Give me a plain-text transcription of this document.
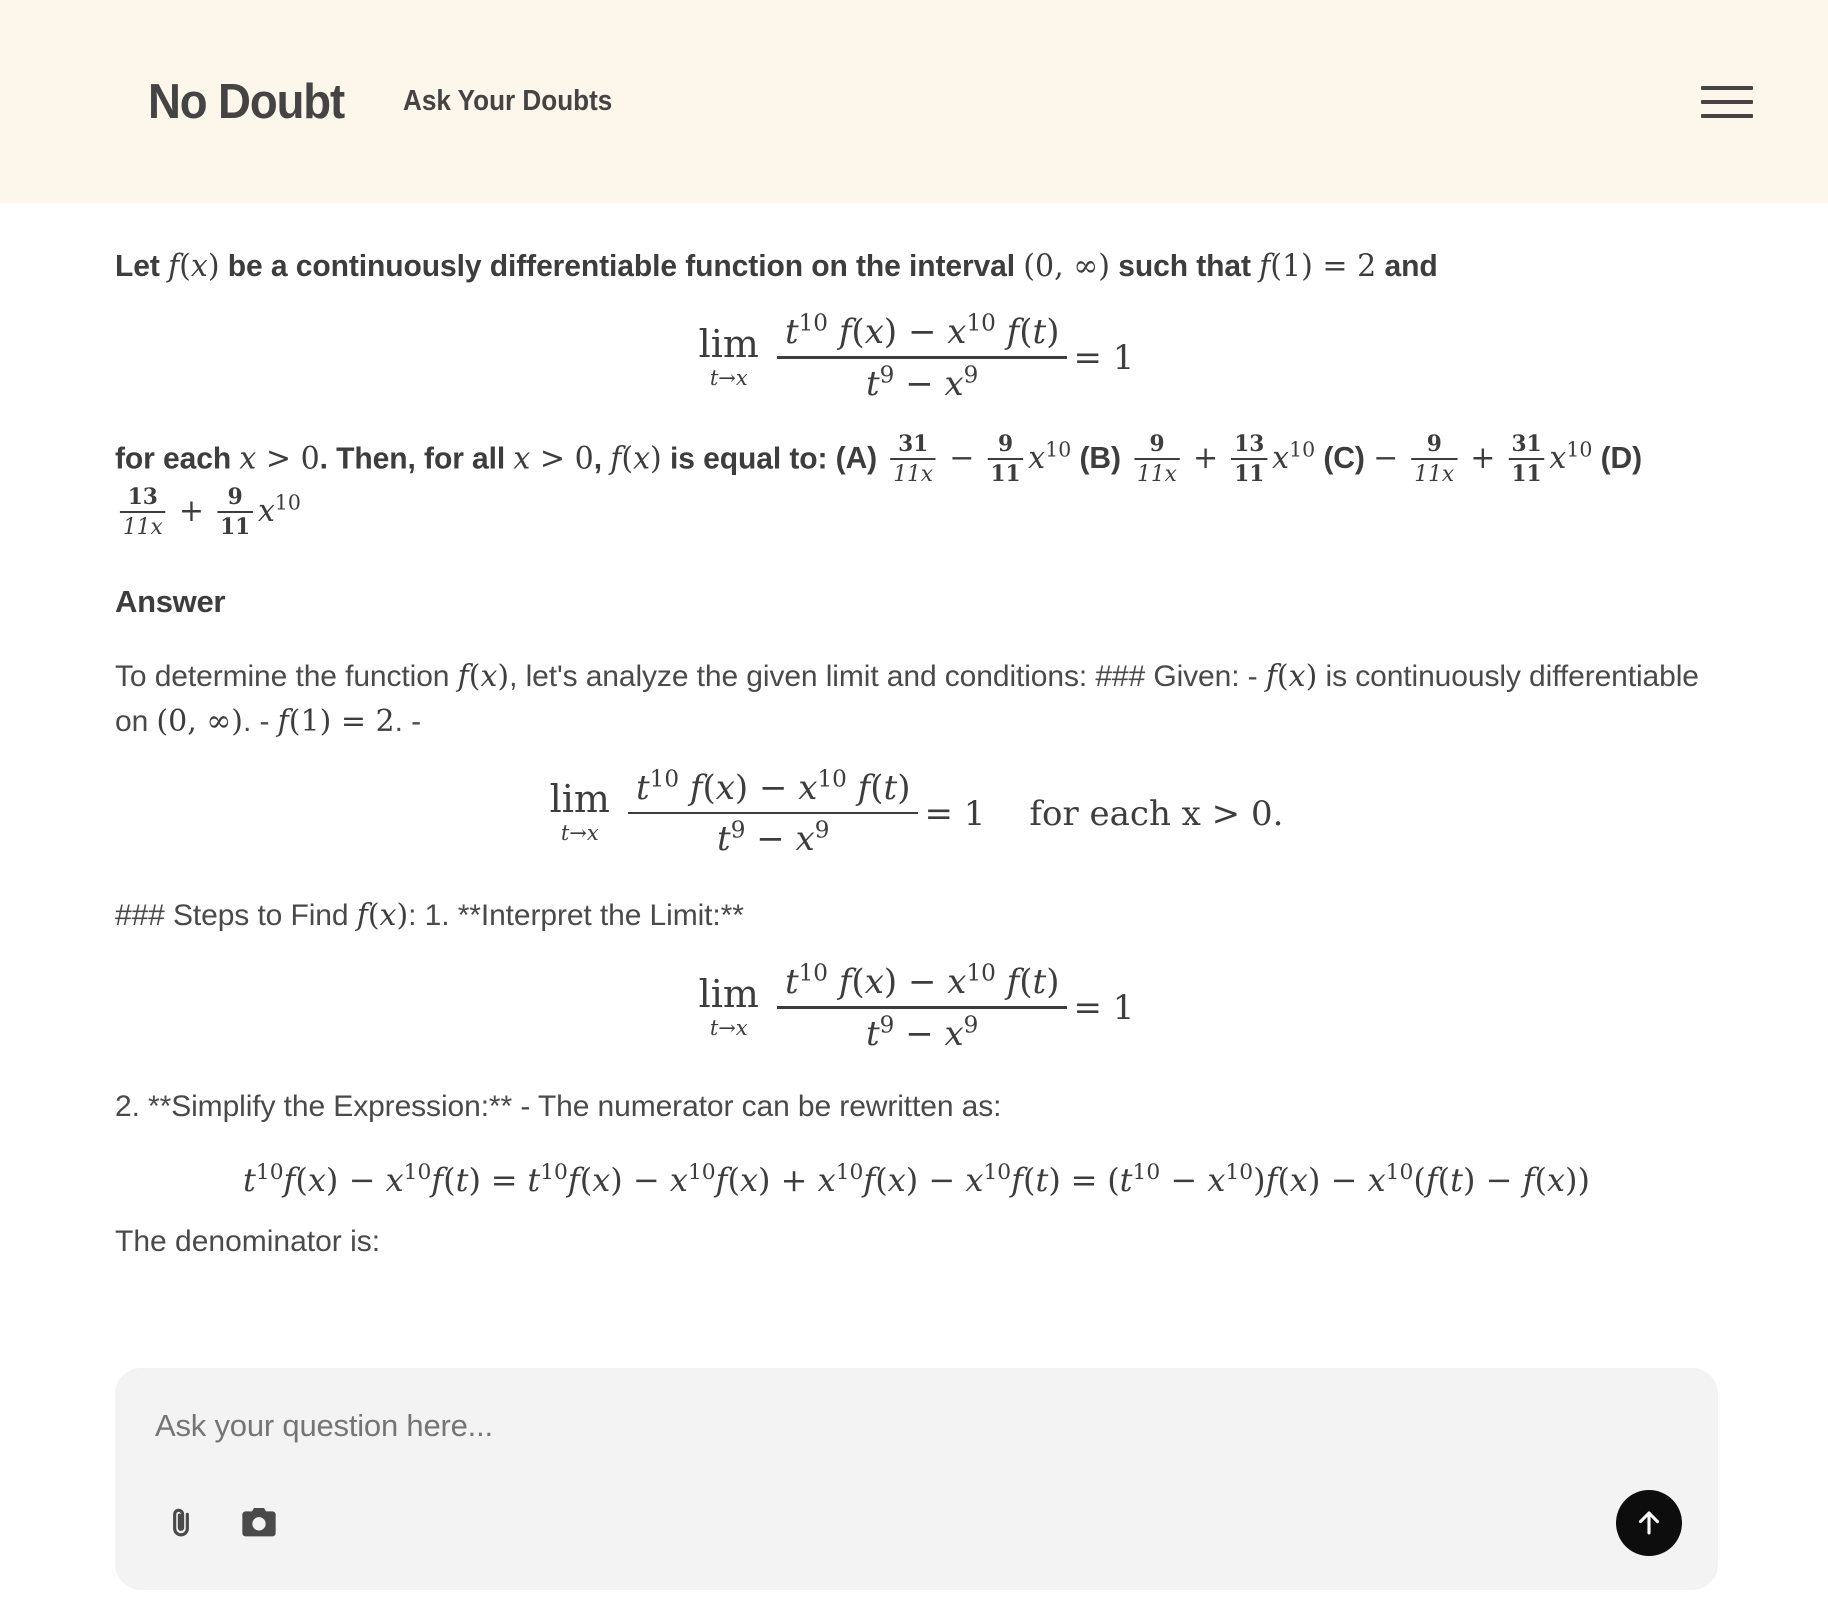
No Doubt Ask Your Doubts
Let f(x) be a continuously differentiable function on the interval (0, ∞) such that f(1) = 2 and
lim
$t\to x \frac{t^{10} f(x) - x^{10} f(t)}{t^9 - x^9} = 1$
for each x > 0. Then, for all x > 0, f(x) is equal to: $(A) \frac{31}{11x} - \frac{9}{11} x^{10}$ $(B) \frac{9}{11x} + \frac{13}{11} x^{10}$ $(C) - \frac{9}{11x} + \frac{31}{11} x^{10}$ (D)
$\frac{13}{11x} + \frac{9}{11} x^{10}$
Answer
To determine the function f(x), let's analyze the given limit and conditions: ### Given: - f(x) is continuously differentiable on (0, ∞). - f(1) = 2. -
lim
$t\to x \frac{t^{10} f(x) - x^{10} f(t)}{t^9 - x^9} = 1$ for each x > 0.
### Steps to Find f(x): 1. **Interpret the Limit:**
lim
$t\to x \frac{t^{10} f(x) - x^{10} f(t)}{t^9 - x^9} = 1$
2. **Simplify the Expression:** - The numerator can be rewritten as:
$t^{10}f(x) - x^{10}f(t) = t^{10}f(x) - x^{10}f(x) + x^{10}f(x) - x^{10}f(t) = (t^{10} - x^{10})f(x) - x^{10}(f(t) - f(x))$
The denominator is:
Ask your question here...
